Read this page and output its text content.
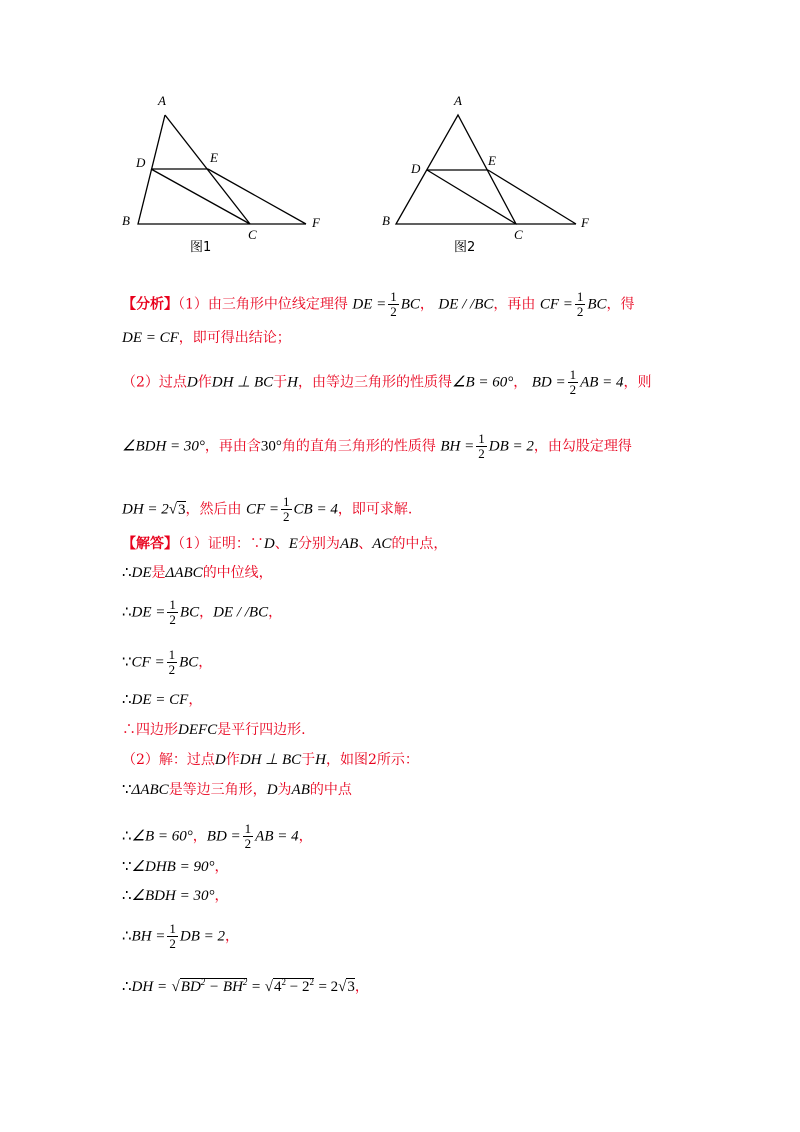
A
D	E
B
C
F
图1
A
D
E
B
C
F
图2
【分析】（1）由三角形中位线定理得 DE = $\frac{1}{2}$ BC， DE / /BC，再由 CF = $\frac{1}{2}$ BC，得
DE = CF，即可得出结论；
（2）过点D作DH ⊥ BC于H，由等边三角形的性质得∠B = 60°， BD = $\frac{1}{2}$ AB = 4，则
∠BDH = 30°，再由含30°角的直角三角形的性质得 BH = $\frac{1}{2}$ DB = 2，由勾股定理得
DH = 2√3，然后由 CF = $\frac{1}{2}$ CB = 4，即可求解.
【解答】（1）证明：∵D、E分别为AB、AC的中点，
∴DE是ΔABC的中位线，
∴DE = $\frac{1}{2}$ BC，DE / /BC，
∵CF = $\frac{1}{2}$ BC，
∴DE = CF，
∴四边形DEFC是平行四边形.
（2）解：过点D作DH ⊥ BC于H，如图2所示：
∵ΔABC是等边三角形，D为AB的中点
∴∠B = 60°，BD = $\frac{1}{2}$ AB = 4，
∵∠DHB = 90°，
∴∠BDH = 30°，
∴BH = $\frac{1}{2}$ DB = 2，
∴DH = $√BD^2 - BH^2 = √4^2 - 2^2 = 2√3$，
